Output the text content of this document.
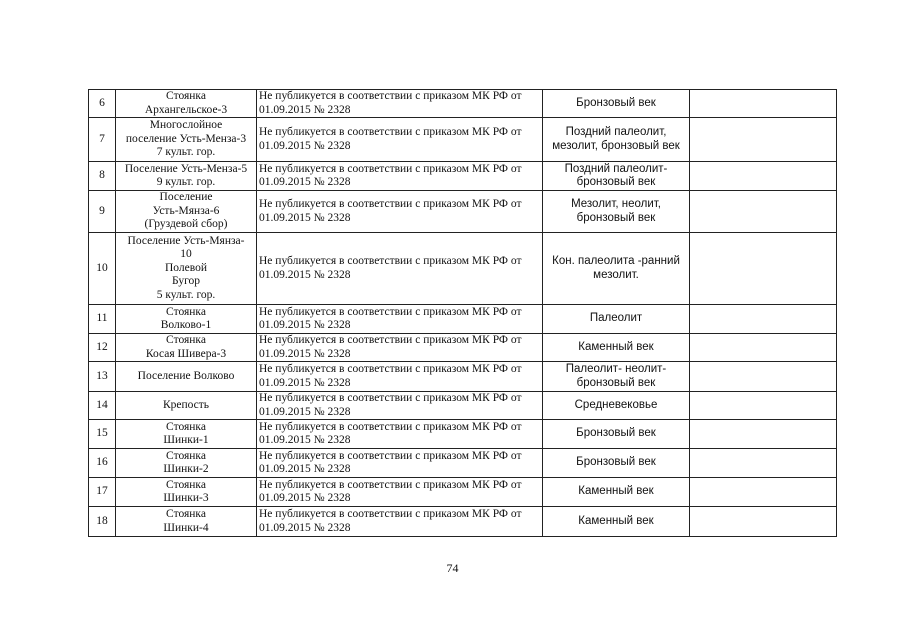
6	Стоянка
Архангельское-3	Не публикуется в соответствии с приказом МК РФ от 01.09.2015 № 2328	Бронзовый век	
7	Многослойное
поселение Усть-Менза-3
7 культ. гор.	Не публикуется в соответствии с приказом МК РФ от 01.09.2015 № 2328	Поздний палеолит, мезолит, бронзовый век	
8	Поселение Усть-Менза-5
9 культ. гор.	Не публикуется в соответствии с приказом МК РФ от 01.09.2015 № 2328	Поздний палеолит-бронзовый век	
9	Поселение
Усть-Мянза-6
(Груздевой сбор)	Не публикуется в соответствии с приказом МК РФ от 01.09.2015 № 2328	Мезолит, неолит, бронзовый век	
10	Поселение Усть-Мянза-
10
Полевой
Бугор
5 культ. гор.	Не публикуется в соответствии с приказом МК РФ от 01.09.2015 № 2328	Кон. палеолита -ранний мезолит.	
11	Стоянка
Волково-1	Не публикуется в соответствии с приказом МК РФ от 01.09.2015 № 2328	Палеолит	
12	Стоянка
Косая Шивера-3	Не публикуется в соответствии с приказом МК РФ от 01.09.2015 № 2328	Каменный век	
13	Поселение Волково	Не публикуется в соответствии с приказом МК РФ от 01.09.2015 № 2328	Палеолит- неолит-бронзовый век	
14	Крепость	Не публикуется в соответствии с приказом МК РФ от 01.09.2015 № 2328	Средневековье	
15	Стоянка
Шинки-1	Не публикуется в соответствии с приказом МК РФ от 01.09.2015 № 2328	Бронзовый век	
16	Стоянка
Шинки-2	Не публикуется в соответствии с приказом МК РФ от 01.09.2015 № 2328	Бронзовый век	
17	Стоянка
Шинки-3	Не публикуется в соответствии с приказом МК РФ от 01.09.2015 № 2328	Каменный век	
18	Стоянка
Шинки-4	Не публикуется в соответствии с приказом МК РФ от 01.09.2015 № 2328	Каменный век	
74
